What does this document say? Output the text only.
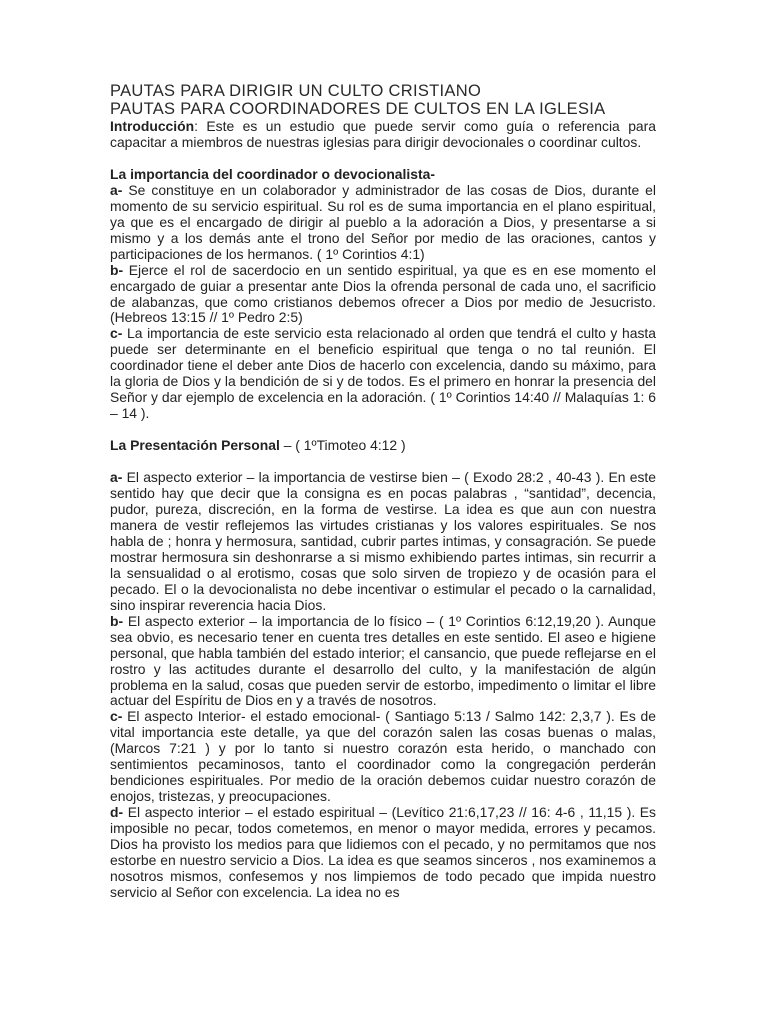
PAUTAS PARA DIRIGIR UN CULTO CRISTIANO
PAUTAS PARA COORDINADORES DE CULTOS EN LA IGLESIA

Introducción: Este es un estudio que puede servir como guía o referencia para capacitar a miembros de nuestras iglesias para dirigir devocionales o coordinar cultos.

La importancia del coordinador o devocionalista-

a- Se constituye en un colaborador y administrador de las cosas de Dios, durante el momento de su servicio espiritual. Su rol es de suma importancia en el plano espiritual, ya que es el encargado de dirigir al pueblo a la adoración a Dios, y presentarse a si mismo y a los demás ante el trono del Señor por medio de las oraciones, cantos y participaciones de los hermanos. ( 1º Corintios 4:1)

b- Ejerce el rol de sacerdocio en un sentido espiritual, ya que es en ese momento el encargado de guiar a presentar ante Dios la ofrenda personal de cada uno, el sacrificio de alabanzas, que como cristianos debemos ofrecer a Dios por medio de Jesucristo. (Hebreos 13:15 // 1º Pedro 2:5)

c- La importancia de este servicio esta relacionado al orden que tendrá el culto y hasta puede ser determinante en el beneficio espiritual que tenga o no tal reunión. El coordinador tiene el deber ante Dios de hacerlo con excelencia, dando su máximo, para la gloria de Dios y la bendición de si y de todos. Es el primero en honrar la presencia del Señor y dar ejemplo de excelencia en la adoración. ( 1º Corintios 14:40 // Malaquías 1: 6 – 14 ).

La Presentación Personal – ( 1ºTimoteo 4:12 )

a- El aspecto exterior – la importancia de vestirse bien – ( Exodo 28:2 , 40-43 ). En este sentido hay que decir que la consigna es en pocas palabras , “santidad”, decencia, pudor, pureza, discreción, en la forma de vestirse. La idea es que aun con nuestra manera de vestir reflejemos las virtudes cristianas y los valores espirituales. Se nos habla de ; honra y hermosura, santidad, cubrir partes intimas, y consagración. Se puede mostrar hermosura sin deshonrarse a si mismo exhibiendo partes intimas, sin recurrir a la sensualidad o al erotismo, cosas que solo sirven de tropiezo y de ocasión para el pecado. El o la devocionalista no debe incentivar o estimular el pecado o la carnalidad, sino inspirar reverencia hacia Dios.

b- El aspecto exterior – la importancia de lo físico – ( 1º Corintios 6:12,19,20 ). Aunque sea obvio, es necesario tener en cuenta tres detalles en este sentido. El aseo e higiene personal, que habla también del estado interior; el cansancio, que puede reflejarse en el rostro y las actitudes durante el desarrollo del culto, y la manifestación de algún problema en la salud, cosas que pueden servir de estorbo, impedimento o limitar el libre actuar del Espíritu de Dios en y a través de nosotros.

c- El aspecto Interior- el estado emocional- ( Santiago 5:13 / Salmo 142: 2,3,7 ). Es de vital importancia este detalle, ya que del corazón salen las cosas buenas o malas, (Marcos 7:21 ) y por lo tanto si nuestro corazón esta herido, o manchado con sentimientos pecaminosos, tanto el coordinador como la congregación perderán bendiciones espirituales. Por medio de la oración debemos cuidar nuestro corazón de enojos, tristezas, y preocupaciones.

d- El aspecto interior – el estado espiritual – (Levítico 21:6,17,23 // 16: 4-6 , 11,15 ). Es imposible no pecar, todos cometemos, en menor o mayor medida, errores y pecamos. Dios ha provisto los medios para que lidiemos con el pecado, y no permitamos que nos estorbe en nuestro servicio a Dios. La idea es que seamos sinceros , nos examinemos a nosotros mismos, confesemos y nos limpiemos de todo pecado que impida nuestro servicio al Señor con excelencia. La idea no es
